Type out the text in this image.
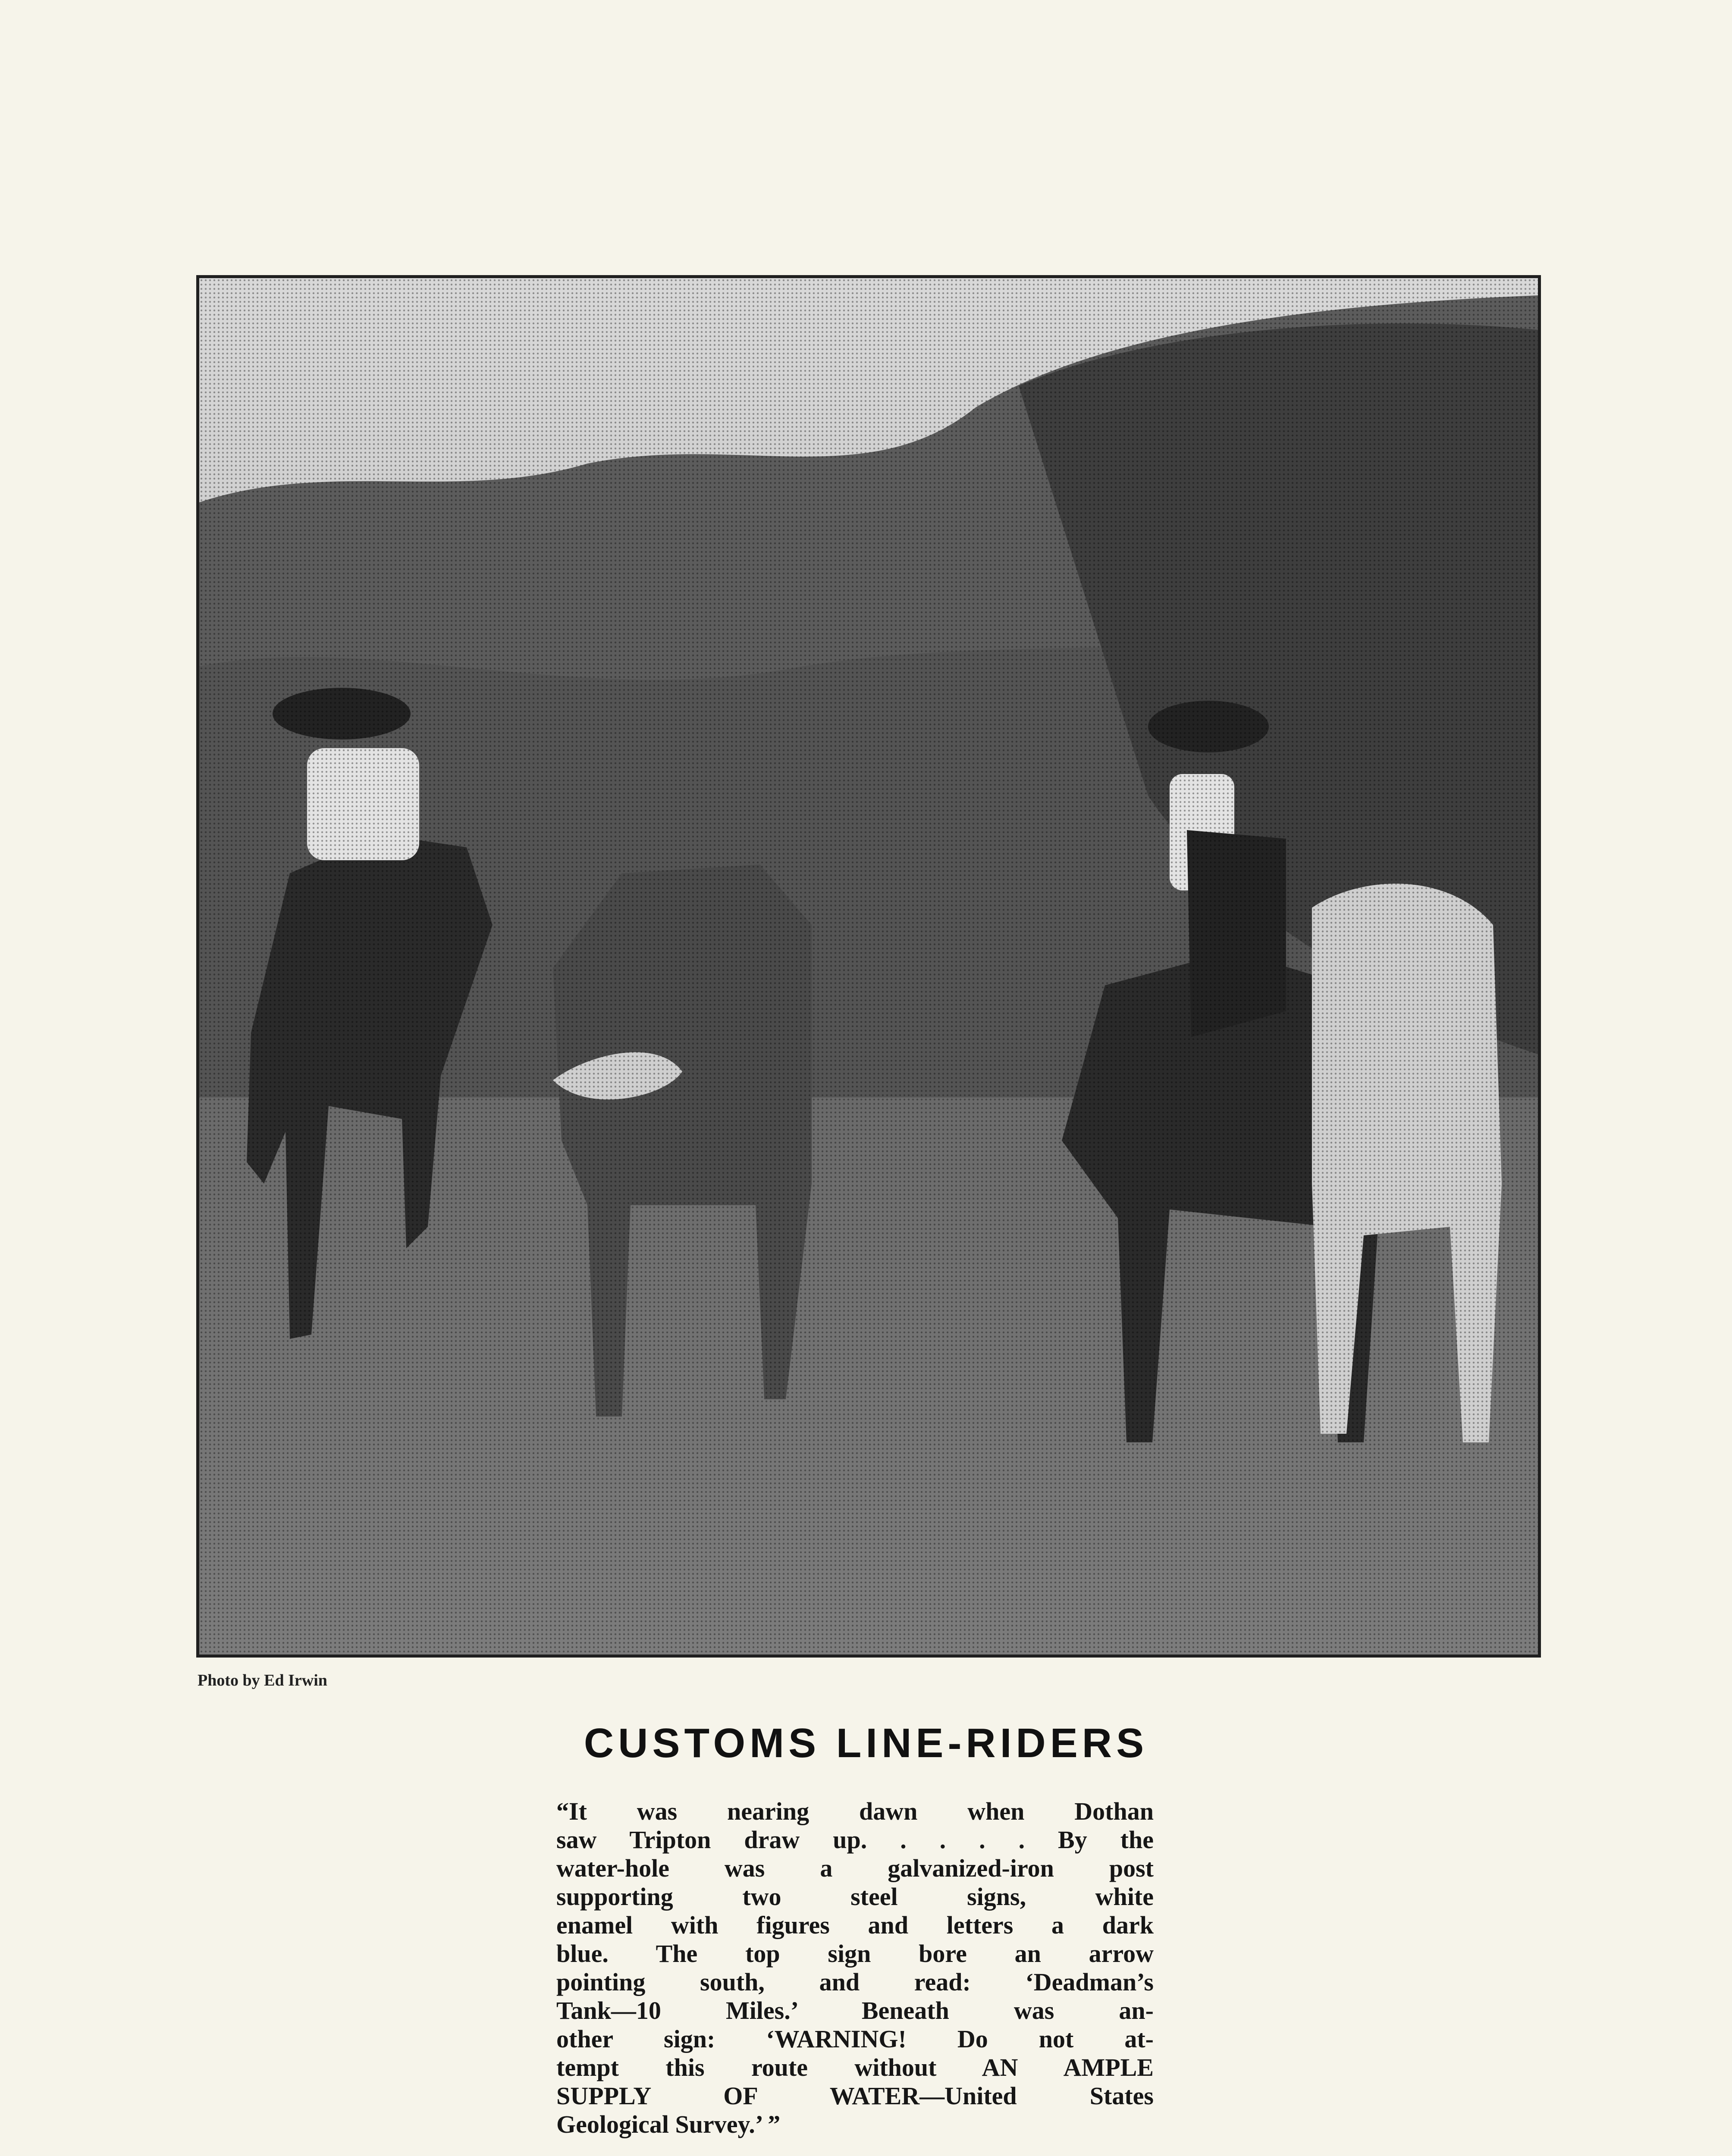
Photo by Ed Irwin
CUSTOMS LINE-RIDERS
“It was nearing dawn when Dothan
saw Tripton draw up. . . . . By the
water-hole was a galvanized-iron post
supporting two steel signs, white
enamel with figures and letters a dark
blue. The top sign bore an arrow
pointing south, and read: ‘Deadman’s
Tank—10 Miles.’ Beneath was an-
other sign: ‘WARNING! Do not at-
tempt this route without AN AMPLE
SUPPLY OF WATER—United States
Geological Survey.’ ”
